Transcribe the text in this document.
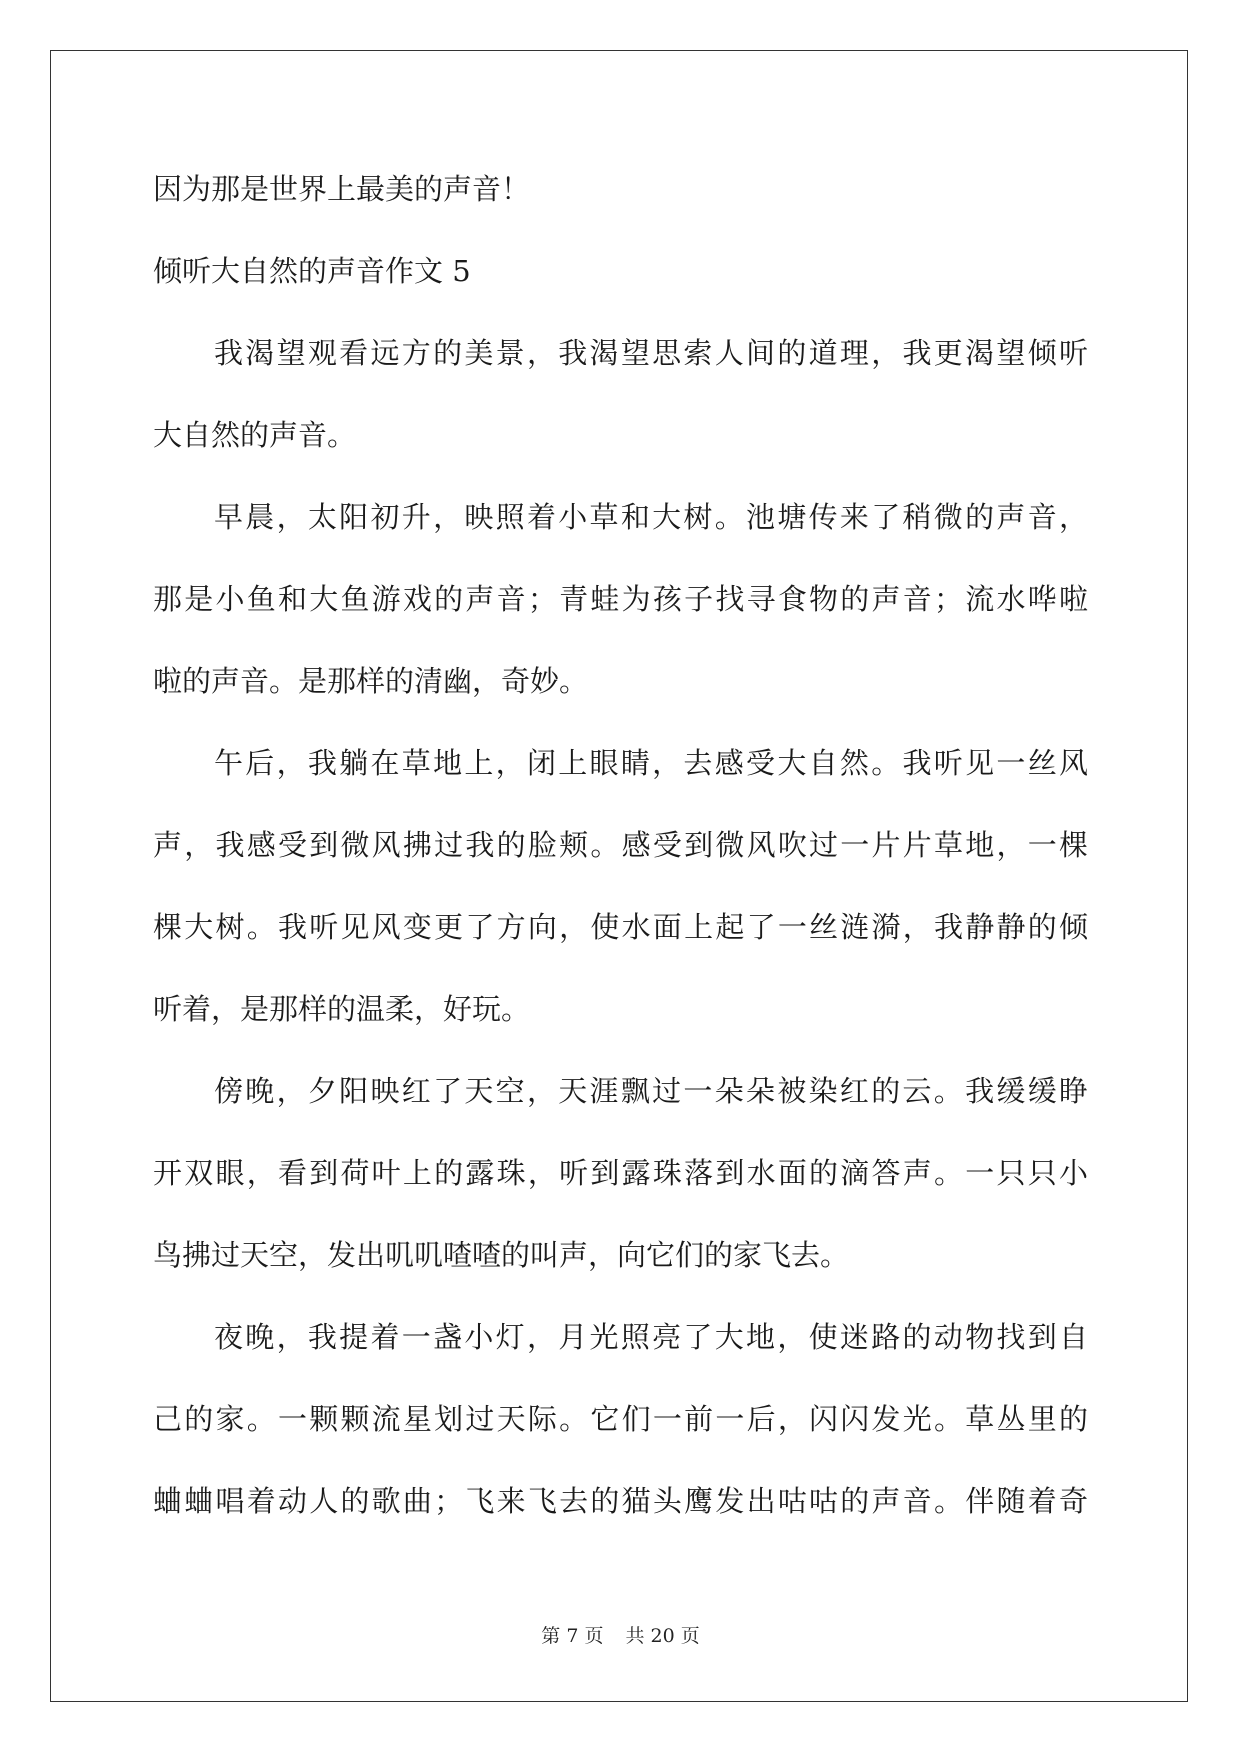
因为那是世界上最美的声音！
倾听大自然的声音作文 5
我渴望观看远方的美景，我渴望思索人间的道理，我更渴望倾听
大自然的声音。
早晨，太阳初升，映照着小草和大树。池塘传来了稍微的声音，
那是小鱼和大鱼游戏的声音；青蛙为孩子找寻食物的声音；流水哗啦
啦的声音。是那样的清幽，奇妙。
午后，我躺在草地上，闭上眼睛，去感受大自然。我听见一丝风
声，我感受到微风拂过我的脸颊。感受到微风吹过一片片草地，一棵
棵大树。我听见风变更了方向，使水面上起了一丝涟漪，我静静的倾
听着，是那样的温柔，好玩。
傍晚，夕阳映红了天空，天涯飘过一朵朵被染红的云。我缓缓睁
开双眼，看到荷叶上的露珠，听到露珠落到水面的滴答声。一只只小
鸟拂过天空，发出叽叽喳喳的叫声，向它们的家飞去。
夜晚，我提着一盏小灯，月光照亮了大地，使迷路的动物找到自
己的家。一颗颗流星划过天际。它们一前一后，闪闪发光。草丛里的
蛐蛐唱着动人的歌曲；飞来飞去的猫头鹰发出咕咕的声音。伴随着奇
第 7 页 共 20 页
